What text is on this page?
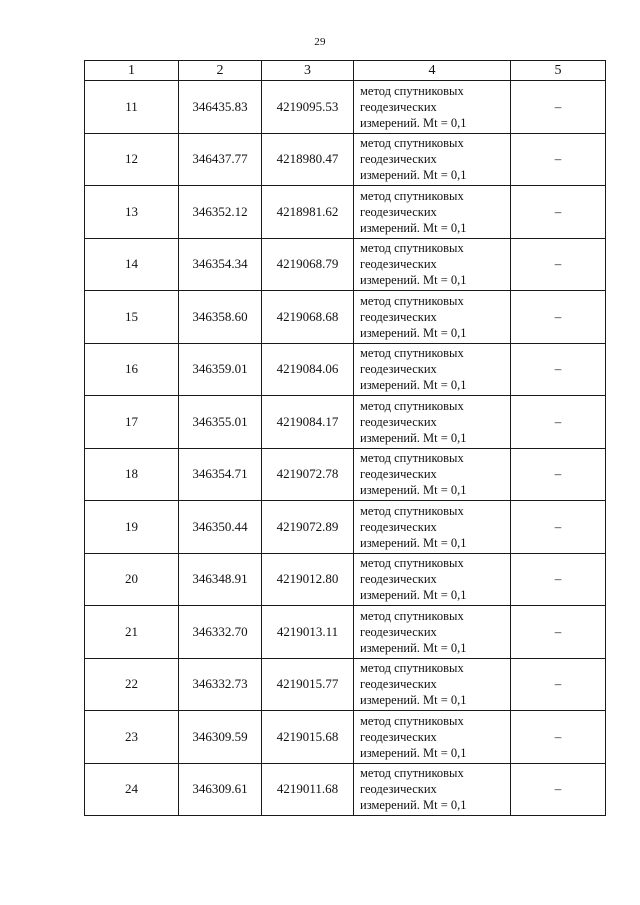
29
1	2	3	4	5
11	346435.83	4219095.53	метод спутниковых
геодезических
измерений. Mt = 0,1	–
12	346437.77	4218980.47	метод спутниковых
геодезических
измерений. Mt = 0,1	–
13	346352.12	4218981.62	метод спутниковых
геодезических
измерений. Mt = 0,1	–
14	346354.34	4219068.79	метод спутниковых
геодезических
измерений. Mt = 0,1	–
15	346358.60	4219068.68	метод спутниковых
геодезических
измерений. Mt = 0,1	–
16	346359.01	4219084.06	метод спутниковых
геодезических
измерений. Mt = 0,1	–
17	346355.01	4219084.17	метод спутниковых
геодезических
измерений. Mt = 0,1	–
18	346354.71	4219072.78	метод спутниковых
геодезических
измерений. Mt = 0,1	–
19	346350.44	4219072.89	метод спутниковых
геодезических
измерений. Mt = 0,1	–
20	346348.91	4219012.80	метод спутниковых
геодезических
измерений. Mt = 0,1	–
21	346332.70	4219013.11	метод спутниковых
геодезических
измерений. Mt = 0,1	–
22	346332.73	4219015.77	метод спутниковых
геодезических
измерений. Mt = 0,1	–
23	346309.59	4219015.68	метод спутниковых
геодезических
измерений. Mt = 0,1	–
24	346309.61	4219011.68	метод спутниковых
геодезических
измерений. Mt = 0,1	–
